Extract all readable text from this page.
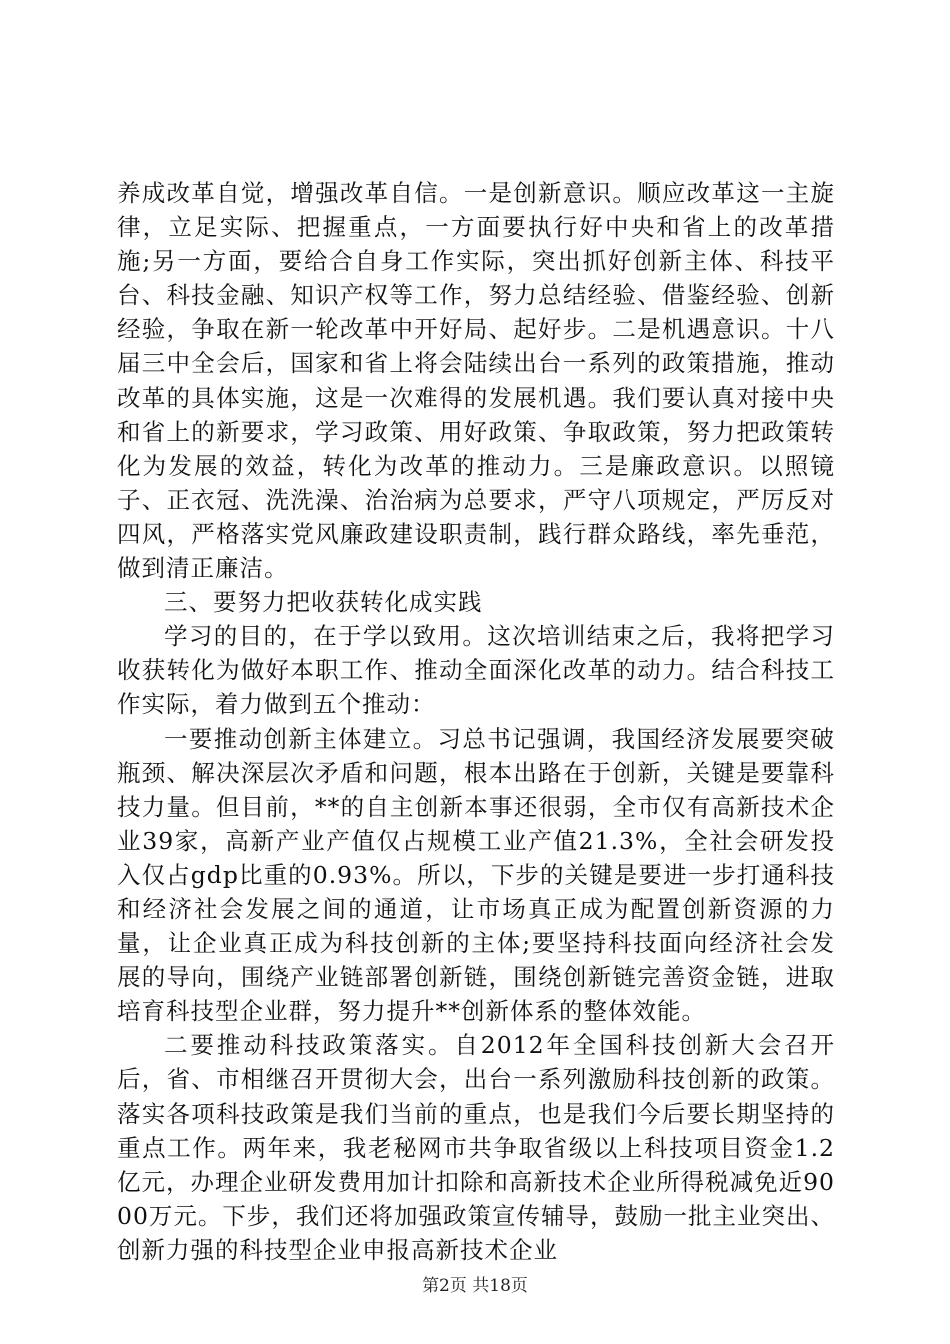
养成改革自觉，增强改革自信。一是创新意识。顺应改革这一主旋律，立足实际、把握重点，一方面要执行好中央和省上的改革措施;另一方面，要给合自身工作实际，突出抓好创新主体、科技平台、科技金融、知识产权等工作，努力总结经验、借鉴经验、创新经验，争取在新一轮改革中开好局、起好步。二是机遇意识。十八届三中全会后，国家和省上将会陆续出台一系列的政策措施，推动改革的具体实施，这是一次难得的发展机遇。我们要认真对接中央和省上的新要求，学习政策、用好政策、争取政策，努力把政策转化为发展的效益，转化为改革的推动力。三是廉政意识。以照镜子、正衣冠、洗洗澡、治治病为总要求，严守八项规定，严厉反对四风，严格落实党风廉政建设职责制，践行群众路线，率先垂范，做到清正廉洁。

三、要努力把收获转化成实践

学习的目的，在于学以致用。这次培训结束之后，我将把学习收获转化为做好本职工作、推动全面深化改革的动力。结合科技工作实际，着力做到五个推动：

一要推动创新主体建立。习总书记强调，我国经济发展要突破瓶颈、解决深层次矛盾和问题，根本出路在于创新，关键是要靠科技力量。但目前，**的自主创新本事还很弱，全市仅有高新技术企业39家，高新产业产值仅占规模工业产值21.3%，全社会研发投入仅占gdp比重的0.93%。所以，下步的关键是要进一步打通科技和经济社会发展之间的通道，让市场真正成为配置创新资源的力量，让企业真正成为科技创新的主体;要坚持科技面向经济社会发展的导向，围绕产业链部署创新链，围绕创新链完善资金链，进取培育科技型企业群，努力提升**创新体系的整体效能。

二要推动科技政策落实。自2012年全国科技创新大会召开后，省、市相继召开贯彻大会，出台一系列激励科技创新的政策。落实各项科技政策是我们当前的重点，也是我们今后要长期坚持的重点工作。两年来，我老秘网市共争取省级以上科技项目资金1.2亿元，办理企业研发费用加计扣除和高新技术企业所得税减免近9000万元。下步，我们还将加强政策宣传辅导，鼓励一批主业突出、创新力强的科技型企业申报高新技术企业

第2页 共18页
